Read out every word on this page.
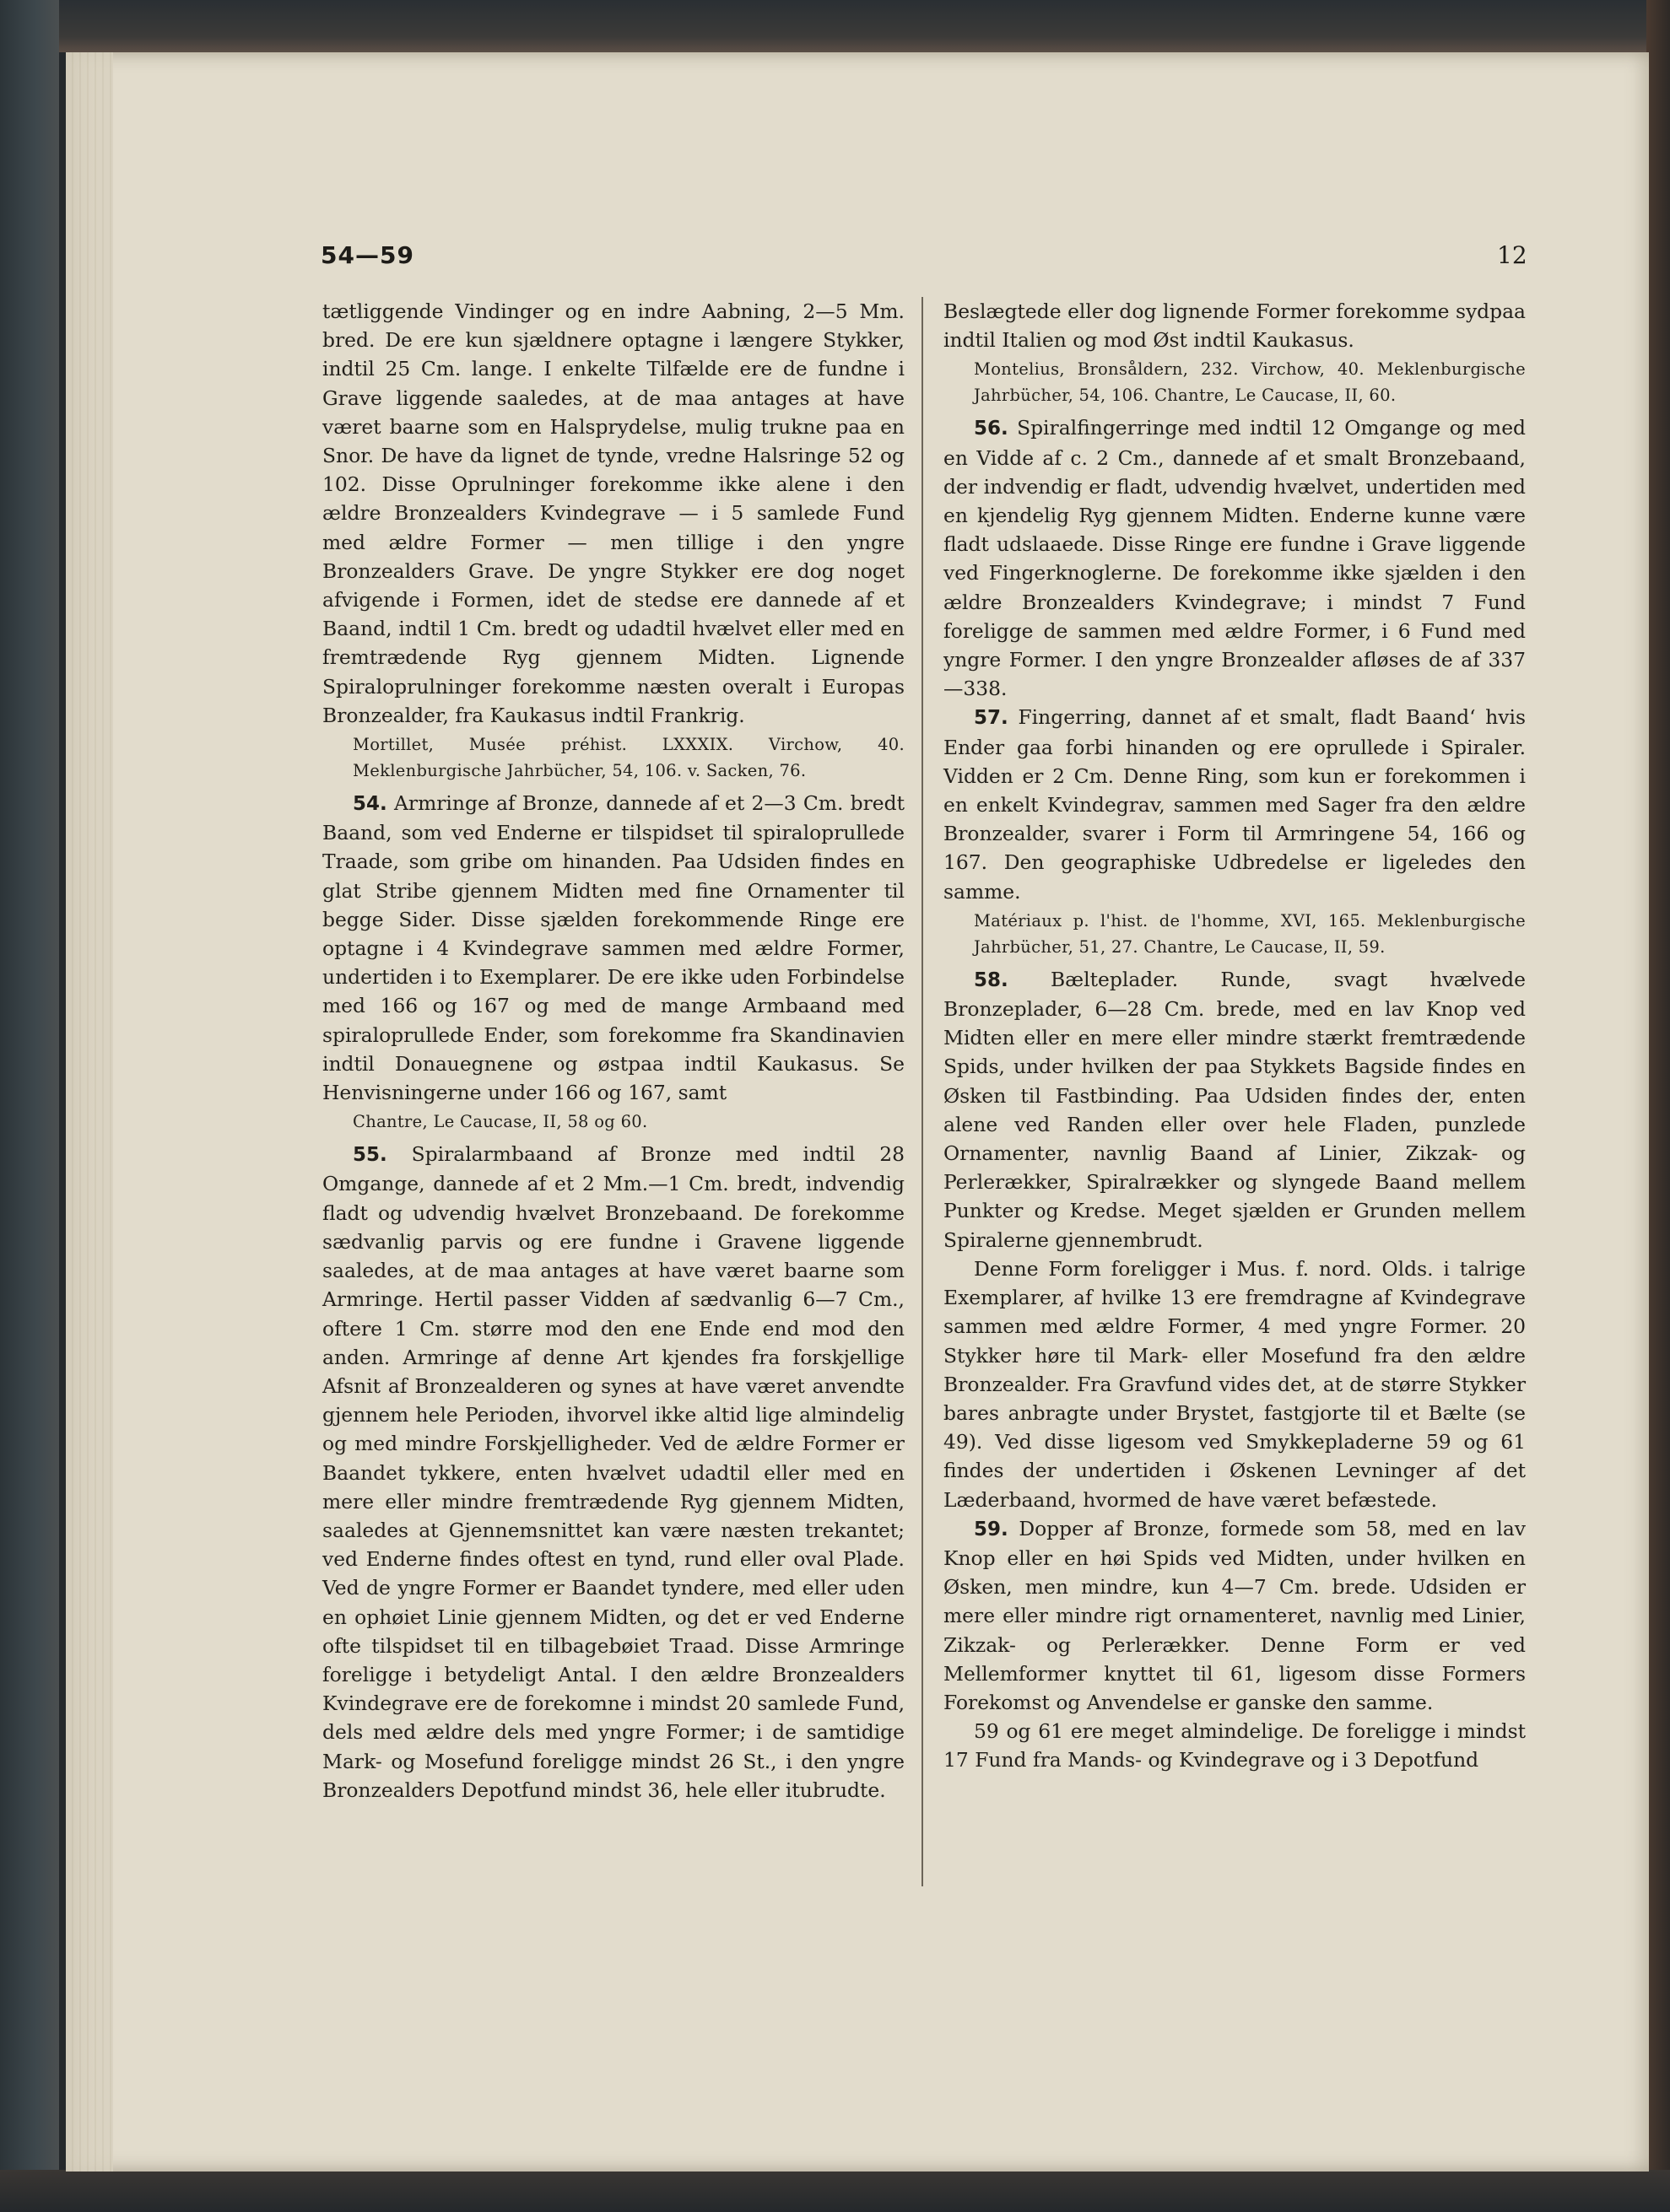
54—59	12

tætliggende Vindinger og en indre Aabning, 2—5 Mm. bred. De ere kun sjældnere optagne i længere Stykker, indtil 25 Cm. lange. I enkelte Tilfælde ere de fundne i Grave liggende saaledes, at de maa antages at have været baarne som en Halsprydelse, mulig trukne paa en Snor. De have da lignet de tynde, vredne Halsringe 52 og 102. Disse Oprulninger forekomme ikke alene i den ældre Bronzealders Kvindegrave — i 5 samlede Fund med ældre Former — men tillige i den yngre Bronzealders Grave. De yngre Stykker ere dog noget afvigende i Formen, idet de stedse ere dannede af et Baand, indtil 1 Cm. bredt og udadtil hvælvet eller med en fremtrædende Ryg gjennem Midten. Lignende Spiraloprulninger forekomme næsten overalt i Europas Bronzealder, fra Kaukasus indtil Frankrig.

Mortillet, Musée préhist. LXXXIX. Virchow, 40. Meklenburgische Jahrbücher, 54, 106. v. Sacken, 76.

54. Armringe af Bronze, dannede af et 2—3 Cm. bredt Baand, som ved Enderne er tilspidset til spiraloprullede Traade, som gribe om hinanden. Paa Udsiden findes en glat Stribe gjennem Midten med fine Ornamenter til begge Sider. Disse sjælden forekommende Ringe ere optagne i 4 Kvindegrave sammen med ældre Former, undertiden i to Exemplarer. De ere ikke uden Forbindelse med 166 og 167 og med de mange Armbaand med spiraloprullede Ender, som forekomme fra Skandinavien indtil Donauegnene og østpaa indtil Kaukasus. Se Henvisningerne under 166 og 167, samt

Chantre, Le Caucase, II, 58 og 60.

55. Spiralarmbaand af Bronze med indtil 28 Omgange, dannede af et 2 Mm.—1 Cm. bredt, indvendig fladt og udvendig hvælvet Bronzebaand. De forekomme sædvanlig parvis og ere fundne i Gravene liggende saaledes, at de maa antages at have været baarne som Armringe. Hertil passer Vidden af sædvanlig 6—7 Cm., oftere 1 Cm. større mod den ene Ende end mod den anden. Armringe af denne Art kjendes fra forskjellige Afsnit af Bronzealderen og synes at have været anvendte gjennem hele Perioden, ihvorvel ikke altid lige almindelig og med mindre Forskjelligheder. Ved de ældre Former er Baandet tykkere, enten hvælvet udadtil eller med en mere eller mindre fremtrædende Ryg gjennem Midten, saaledes at Gjennemsnittet kan være næsten trekantet; ved Enderne findes oftest en tynd, rund eller oval Plade. Ved de yngre Former er Baandet tyndere, med eller uden en ophøiet Linie gjennem Midten, og det er ved Enderne ofte tilspidset til en tilbagebøiet Traad. Disse Armringe foreligge i betydeligt Antal. I den ældre Bronzealders Kvindegrave ere de forekomne i mindst 20 samlede Fund, dels med ældre dels med yngre Former; i de samtidige Mark- og Mosefund foreligge mindst 26 St., i den yngre Bronzealders Depotfund mindst 36, hele eller itubrudte.

Beslægtede eller dog lignende Former forekomme sydpaa indtil Italien og mod Øst indtil Kaukasus.

Montelius, Bronsåldern, 232. Virchow, 40. Meklenburgische Jahrbücher, 54, 106. Chantre, Le Caucase, II, 60.

56. Spiralfingerringe med indtil 12 Omgange og med en Vidde af c. 2 Cm., dannede af et smalt Bronzebaand, der indvendig er fladt, udvendig hvælvet, undertiden med en kjendelig Ryg gjennem Midten. Enderne kunne være fladt udslaaede. Disse Ringe ere fundne i Grave liggende ved Fingerknoglerne. De forekomme ikke sjælden i den ældre Bronzealders Kvindegrave; i mindst 7 Fund foreligge de sammen med ældre Former, i 6 Fund med yngre Former. I den yngre Bronzealder afløses de af 337—338.

57. Fingerring, dannet af et smalt, fladt Baand‘ hvis Ender gaa forbi hinanden og ere oprullede i Spiraler. Vidden er 2 Cm. Denne Ring, som kun er forekommen i en enkelt Kvindegrav, sammen med Sager fra den ældre Bronzealder, svarer i Form til Armringene 54, 166 og 167. Den geographiske Udbredelse er ligeledes den samme.

Matériaux p. l'hist. de l'homme, XVI, 165. Meklenburgische Jahrbücher, 51, 27. Chantre, Le Caucase, II, 59.

58. Bælteplader. Runde, svagt hvælvede Bronzeplader, 6—28 Cm. brede, med en lav Knop ved Midten eller en mere eller mindre stærkt fremtrædende Spids, under hvilken der paa Stykkets Bagside findes en Øsken til Fastbinding. Paa Udsiden findes der, enten alene ved Randen eller over hele Fladen, punzlede Ornamenter, navnlig Baand af Linier, Zikzak- og Perlerækker, Spiralrækker og slyngede Baand mellem Punkter og Kredse. Meget sjælden er Grunden mellem Spiralerne gjennembrudt.

Denne Form foreligger i Mus. f. nord. Olds. i talrige Exemplarer, af hvilke 13 ere fremdragne af Kvindegrave sammen med ældre Former, 4 med yngre Former. 20 Stykker høre til Mark- eller Mosefund fra den ældre Bronzealder. Fra Gravfund vides det, at de større Stykker bares anbragte under Brystet, fastgjorte til et Bælte (se 49). Ved disse ligesom ved Smykkepladerne 59 og 61 findes der undertiden i Øskenen Levninger af det Læderbaand, hvormed de have været befæstede.

59. Dopper af Bronze, formede som 58, med en lav Knop eller en høi Spids ved Midten, under hvilken en Øsken, men mindre, kun 4—7 Cm. brede. Udsiden er mere eller mindre rigt ornamenteret, navnlig med Linier, Zikzak- og Perlerækker. Denne Form er ved Mellemformer knyttet til 61, ligesom disse Formers Forekomst og Anvendelse er ganske den samme.

59 og 61 ere meget almindelige. De foreligge i mindst 17 Fund fra Mands- og Kvindegrave og i 3 Depotfund
